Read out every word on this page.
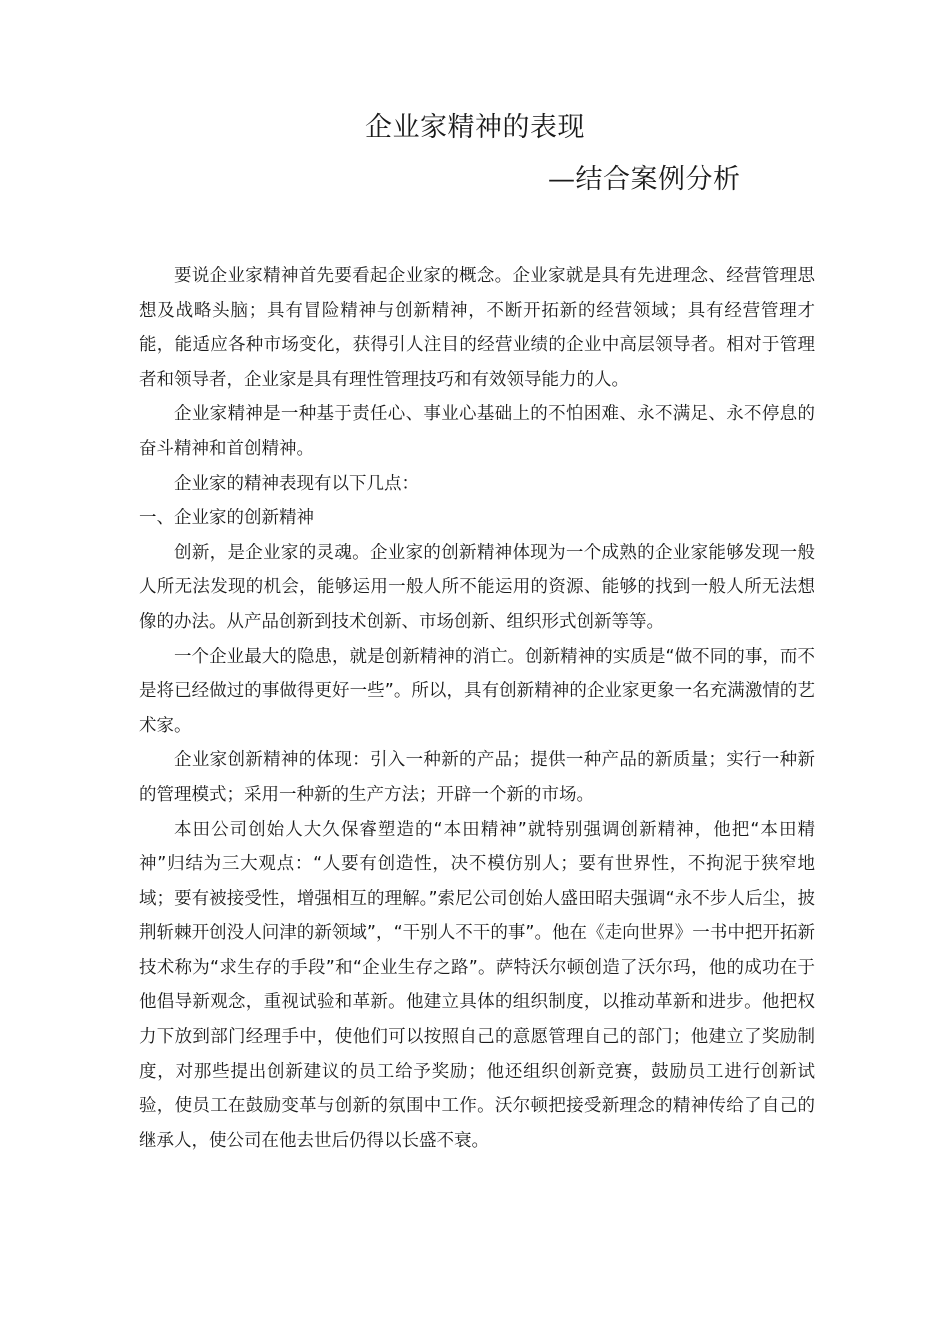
企业家精神的表现
—结合案例分析

要说企业家精神首先要看起企业家的概念。企业家就是具有先进理念、经营管理思想及战略头脑；具有冒险精神与创新精神，不断开拓新的经营领域；具有经营管理才能，能适应各种市场变化，获得引人注目的经营业绩的企业中高层领导者。相对于管理者和领导者，企业家是具有理性管理技巧和有效领导能力的人。

企业家精神是一种基于责任心、事业心基础上的不怕困难、永不满足、永不停息的奋斗精神和首创精神。

企业家的精神表现有以下几点：

一、企业家的创新精神

创新，是企业家的灵魂。企业家的创新精神体现为一个成熟的企业家能够发现一般人所无法发现的机会，能够运用一般人所不能运用的资源、能够的找到一般人所无法想像的办法。从产品创新到技术创新、市场创新、组织形式创新等等。

一个企业最大的隐患，就是创新精神的消亡。创新精神的实质是“做不同的事，而不是将已经做过的事做得更好一些”。所以，具有创新精神的企业家更象一名充满激情的艺术家。

企业家创新精神的体现：引入一种新的产品；提供一种产品的新质量；实行一种新的管理模式；采用一种新的生产方法；开辟一个新的市场。

本田公司创始人大久保睿塑造的“本田精神”就特别强调创新精神，他把“本田精神”归结为三大观点：“人要有创造性，决不模仿别人；要有世界性，不拘泥于狭窄地域；要有被接受性，增强相互的理解。”索尼公司创始人盛田昭夫强调“永不步人后尘，披荆斩棘开创没人问津的新领域”，“干别人不干的事”。他在《走向世界》一书中把开拓新技术称为“求生存的手段”和“企业生存之路”。萨特沃尔顿创造了沃尔玛，他的成功在于他倡导新观念，重视试验和革新。他建立具体的组织制度，以推动革新和进步。他把权力下放到部门经理手中，使他们可以按照自己的意愿管理自己的部门；他建立了奖励制度，对那些提出创新建议的员工给予奖励；他还组织创新竞赛，鼓励员工进行创新试验，使员工在鼓励变革与创新的氛围中工作。沃尔顿把接受新理念的精神传给了自己的继承人，使公司在他去世后仍得以长盛不衰。
